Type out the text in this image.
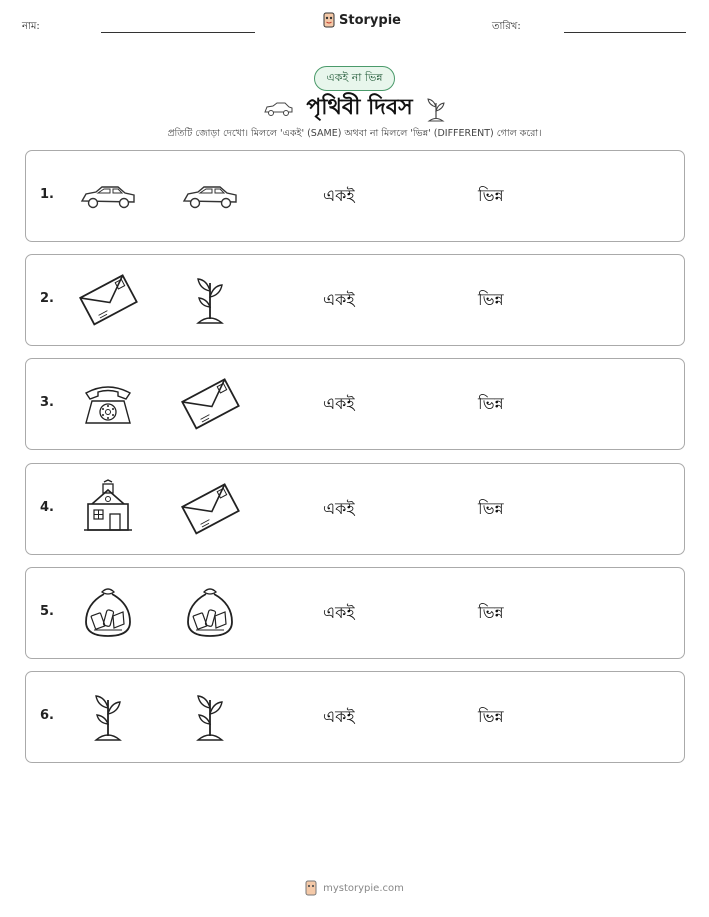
নাম:	Storypie	তারিখ:
একই না ভিন্ন
পৃথিবী দিবস
প্রতিটি জোড়া দেখো। মিললে 'একই' (SAME) অথবা না মিললে 'ভিন্ন' (DIFFERENT) গোল করো।
1.	একই	ভিন্ন
2.	একই	ভিন্ন
3.	একই	ভিন্ন
4.	একই	ভিন্ন
5.	একই	ভিন্ন
6.	একই	ভিন্ন
mystorypie.com
